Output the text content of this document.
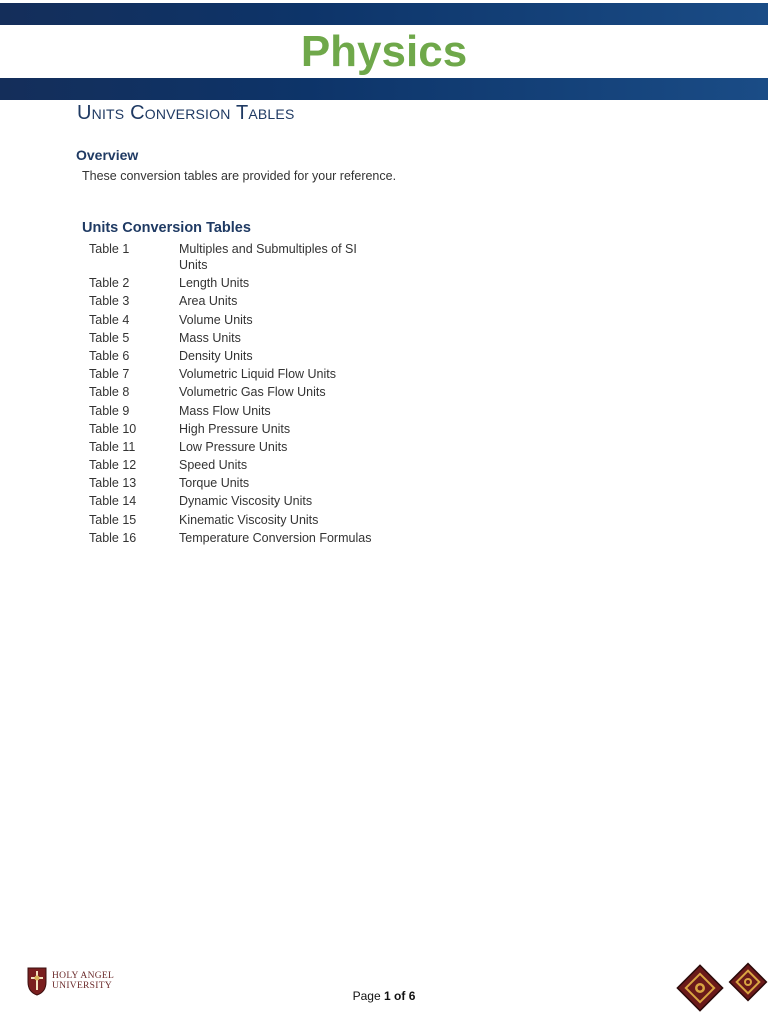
Physics
Units Conversion Tables
Overview
These conversion tables are provided for your reference.
Units Conversion Tables
Table 1	Multiples and Submultiples of SI Units
Table 2	Length Units
Table 3	Area Units
Table 4	Volume Units
Table 5	Mass Units
Table 6	Density Units
Table 7	Volumetric Liquid Flow Units
Table 8	Volumetric Gas Flow Units
Table 9	Mass Flow Units
Table 10	High Pressure Units
Table 11	Low Pressure Units
Table 12	Speed Units
Table 13	Torque Units
Table 14	Dynamic Viscosity Units
Table 15	Kinematic Viscosity Units
Table 16	Temperature Conversion Formulas
HOLY ANGEL
UNIVERSITY
Page 1 of 6
